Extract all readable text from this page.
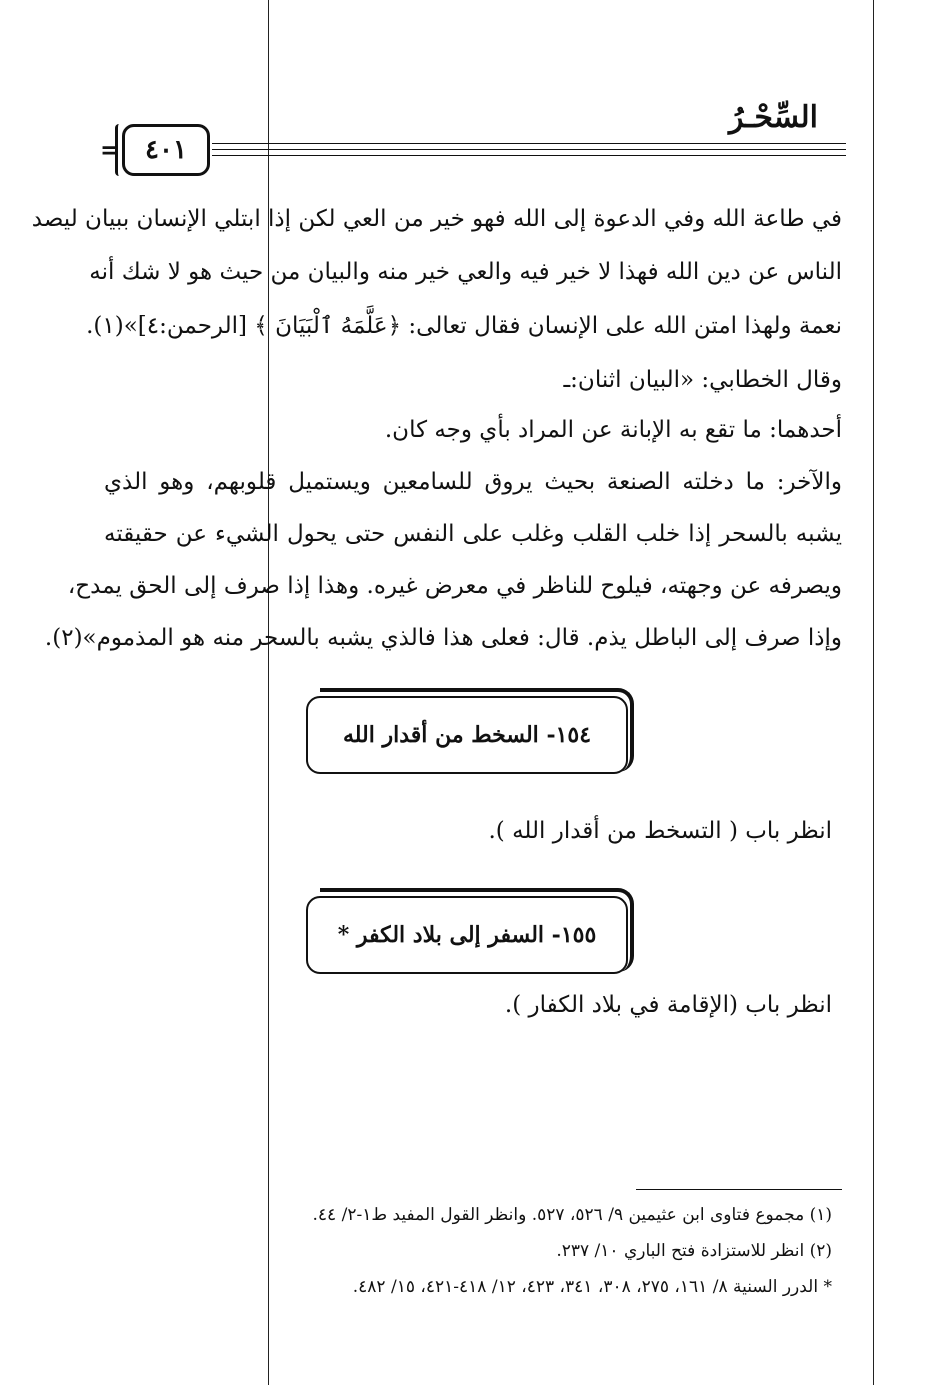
السِّحْـرُ
= ٤٠١
في طاعة الله وفي الدعوة إلى الله فهو خير من العي لكن إذا ابتلي الإنسان ببيان ليصد
الناس عن دين الله فهذا لا خير فيه والعي خير منه والبيان من حيث هو لا شك أنه
نعمة ولهذا امتن الله على الإنسان فقال تعالى: ﴿عَلَّمَهُ ٱلْبَيَانَ ﴾ [الرحمن:٤]»(١).
وقال الخطابي: «البيان اثنان:ـ
أحدهما: ما تقع به الإبانة عن المراد بأي وجه كان.
والآخر: ما دخلته الصنعة بحيث يروق للسامعين ويستميل قلوبهم، وهو الذي
يشبه بالسحر إذا خلب القلب وغلب على النفس حتى يحول الشيء عن حقيقته
ويصرفه عن وجهته، فيلوح للناظر في معرض غيره. وهذا إذا صرف إلى الحق يمدح،
وإذا صرف إلى الباطل يذم. قال: فعلى هذا فالذي يشبه بالسحر منه هو المذموم»(٢).
١٥٤- السخط من أقدار الله
انظر باب ( التسخط من أقدار الله ).
١٥٥- السفر إلى بلاد الكفر *
انظر باب (الإقامة في بلاد الكفار ).
(١) مجموع فتاوى ابن عثيمين ٩/ ٥٢٦، ٥٢٧. وانظر القول المفيد ط١-٢/ ٤٤.
(٢) انظر للاستزادة فتح الباري ١٠/ ٢٣٧.
* الدرر السنية ٨/ ١٦١، ٢٧٥، ٣٠٨، ٣٤١، ٤٢٣، ١٢/ ٤١٨-٤٢١، ١٥/ ٤٨٢.
